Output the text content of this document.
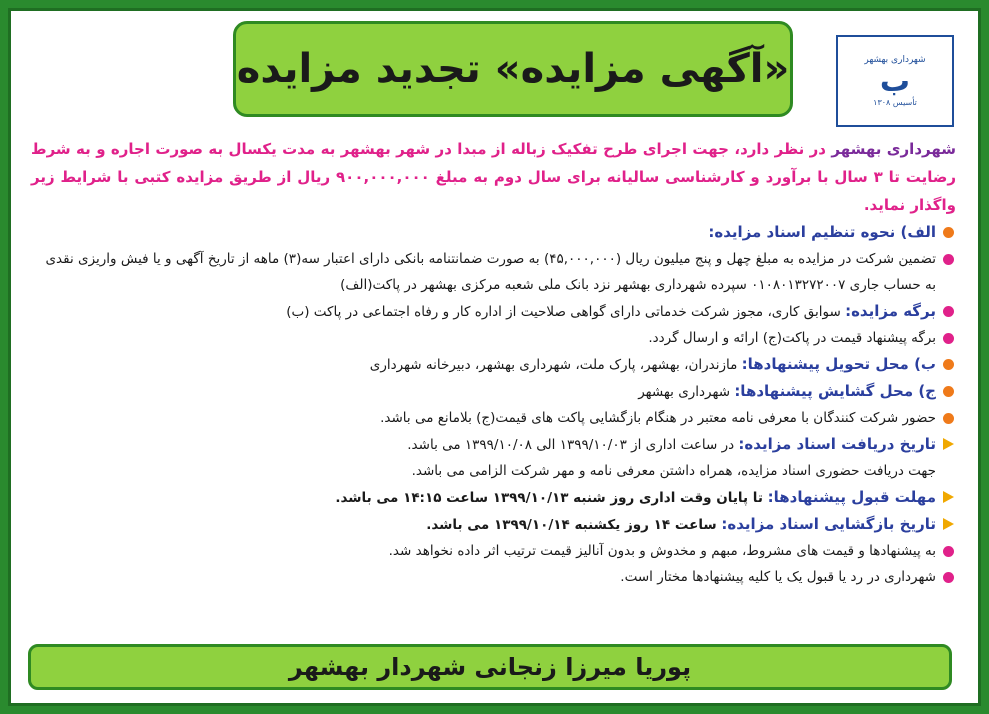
«آگهی مزایده» تجدید مزایده	شهرداری بهشهر
ب
تأسیس ۱۳۰۸

شهرداری بهشهر در نظر دارد، جهت اجرای طرح تفکیک زباله از مبدا در شهر بهشهر به مدت یکسال به صورت اجاره و به شرط رضایت تا ۳ سال با برآورد و کارشناسی سالیانه برای سال دوم به مبلغ ۹۰۰,۰۰۰,۰۰۰ ریال از طریق مزایده کتبی با شرایط زیر واگذار نماید.

الف) نحوه تنظیم اسناد مزایده:

تضمین شرکت در مزایده به مبلغ چهل و پنج میلیون ریال (۴۵,۰۰۰,۰۰۰) به صورت ضمانتنامه بانکی دارای اعتبار سه(۳) ماهه از تاریخ آگهی و یا فیش واریزی نقدی به حساب جاری ۰۱۰۸۰۱۳۲۷۲۰۰۷ سپرده شهرداری بهشهر نزد بانک ملی شعبه مرکزی بهشهر در پاکت(الف)

برگه مزایده: سوابق کاری، مجوز شرکت خدماتی دارای گواهی صلاحیت از اداره کار و رفاه اجتماعی در پاکت (ب)

برگه پیشنهاد قیمت در پاکت(ج) ارائه و ارسال گردد.

ب) محل تحویل پیشنهادها: مازندران، بهشهر، پارک ملت، شهرداری بهشهر، دبیرخانه شهرداری

ج) محل گشایش پیشنهادها: شهرداری بهشهر

حضور شرکت کنندگان با معرفی نامه معتبر در هنگام بازگشایی پاکت های قیمت(ج) بلامانع می باشد.

تاریخ دریافت اسناد مزایده: در ساعت اداری از ۱۳۹۹/۱۰/۰۳ الی ۱۳۹۹/۱۰/۰۸ می باشد.

جهت دریافت حضوری اسناد مزایده، همراه داشتن معرفی نامه و مهر شرکت الزامی می باشد.

مهلت قبول پیشنهادها: تا پایان وقت اداری روز شنبه ۱۳۹۹/۱۰/۱۳ ساعت ۱۴:۱۵ می باشد.

تاریخ بازگشایی اسناد مزایده: ساعت ۱۴ روز یکشنبه ۱۳۹۹/۱۰/۱۴ می باشد.

به پیشنهادها و قیمت های مشروط، مبهم و مخدوش و بدون آنالیز قیمت ترتیب اثر داده نخواهد شد.

شهرداری در رد یا قبول یک یا کلیه پیشنهادها مختار است.

پوریا میرزا زنجانی شهردار بهشهر
